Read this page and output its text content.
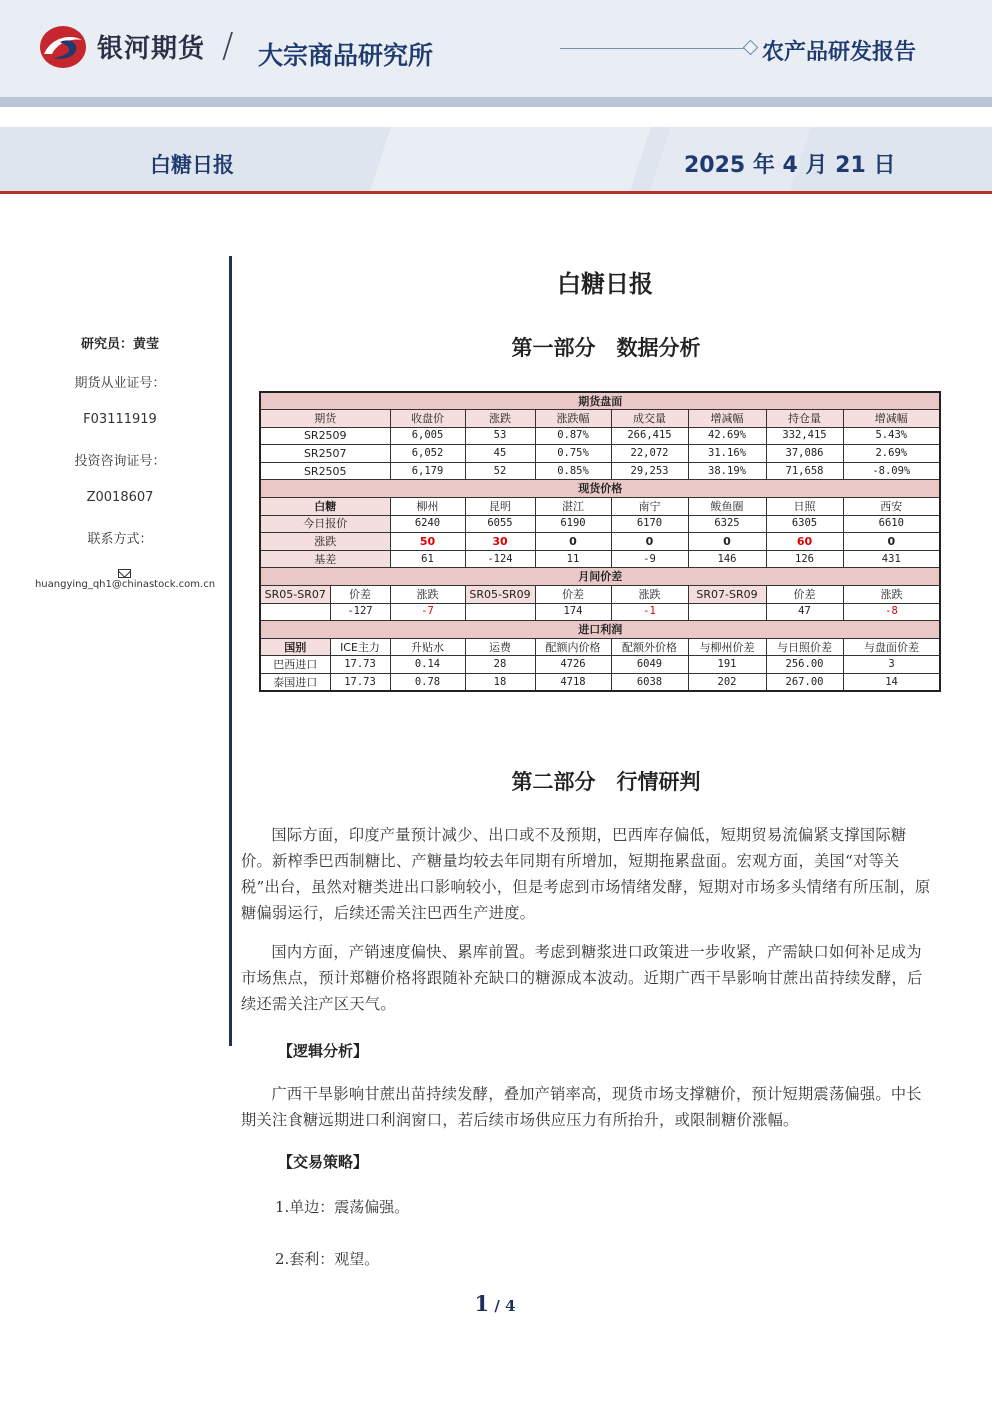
银河期货 / 大宗商品研究所	农产品研发报告
白糖日报	2025 年 4 月 21 日
研究员：黄莹
期货从业证号：
F03111919
投资咨询证号：
Z0018607
联系方式：
huangying_qh1@chinastock.com.cn
白糖日报
第一部分　数据分析
期货盘面								
期货		收盘价	涨跌	涨跌幅	成交量	增减幅	持仓量	增减幅
SR2509		6,005	53	0.87%	266,415	42.69%	332,415	5.43%
SR2507		6,052	45	0.75%	22,072	31.16%	37,086	2.69%
SR2505		6,179	52	0.85%	29,253	38.19%	71,658	-8.09%
现货价格								
白糖		柳州	昆明	湛江	南宁	鲅鱼圈	日照	西安
今日报价		6240	6055	6190	6170	6325	6305	6610
涨跌		50	30	0	0	0	60	0
基差		61	-124	11	-9	146	126	431
月间价差								
SR05-SR07	价差	涨跌	SR05-SR09	价差	涨跌	SR07-SR09	价差	涨跌
	-127	-7		174	-1		47	-8
进口利润								
国别	ICE主力	升贴水	运费	配额内价格	配额外价格	与柳州价差	与日照价差	与盘面价差
巴西进口	17.73	0.14	28	4726	6049	191	256.00	3
泰国进口	17.73	0.78	18	4718	6038	202	267.00	14
第二部分　行情研判
国际方面，印度产量预计减少、出口或不及预期，巴西库存偏低，短期贸易流偏紧支撑国际糖价。新榨季巴西制糖比、产糖量均较去年同期有所增加，短期拖累盘面。宏观方面，美国“对等关税”出台，虽然对糖类进出口影响较小，但是考虑到市场情绪发酵，短期对市场多头情绪有所压制，原糖偏弱运行，后续还需关注巴西生产进度。
国内方面，产销速度偏快、累库前置。考虑到糖浆进口政策进一步收紧，产需缺口如何补足成为市场焦点，预计郑糖价格将跟随补充缺口的糖源成本波动。近期广西干旱影响甘蔗出苗持续发酵，后续还需关注产区天气。
【逻辑分析】
广西干旱影响甘蔗出苗持续发酵，叠加产销率高，现货市场支撑糖价，预计短期震荡偏强。中长期关注食糖远期进口利润窗口，若后续市场供应压力有所抬升，或限制糖价涨幅。
【交易策略】
1.单边：震荡偏强。
2.套利：观望。
1 / 4
